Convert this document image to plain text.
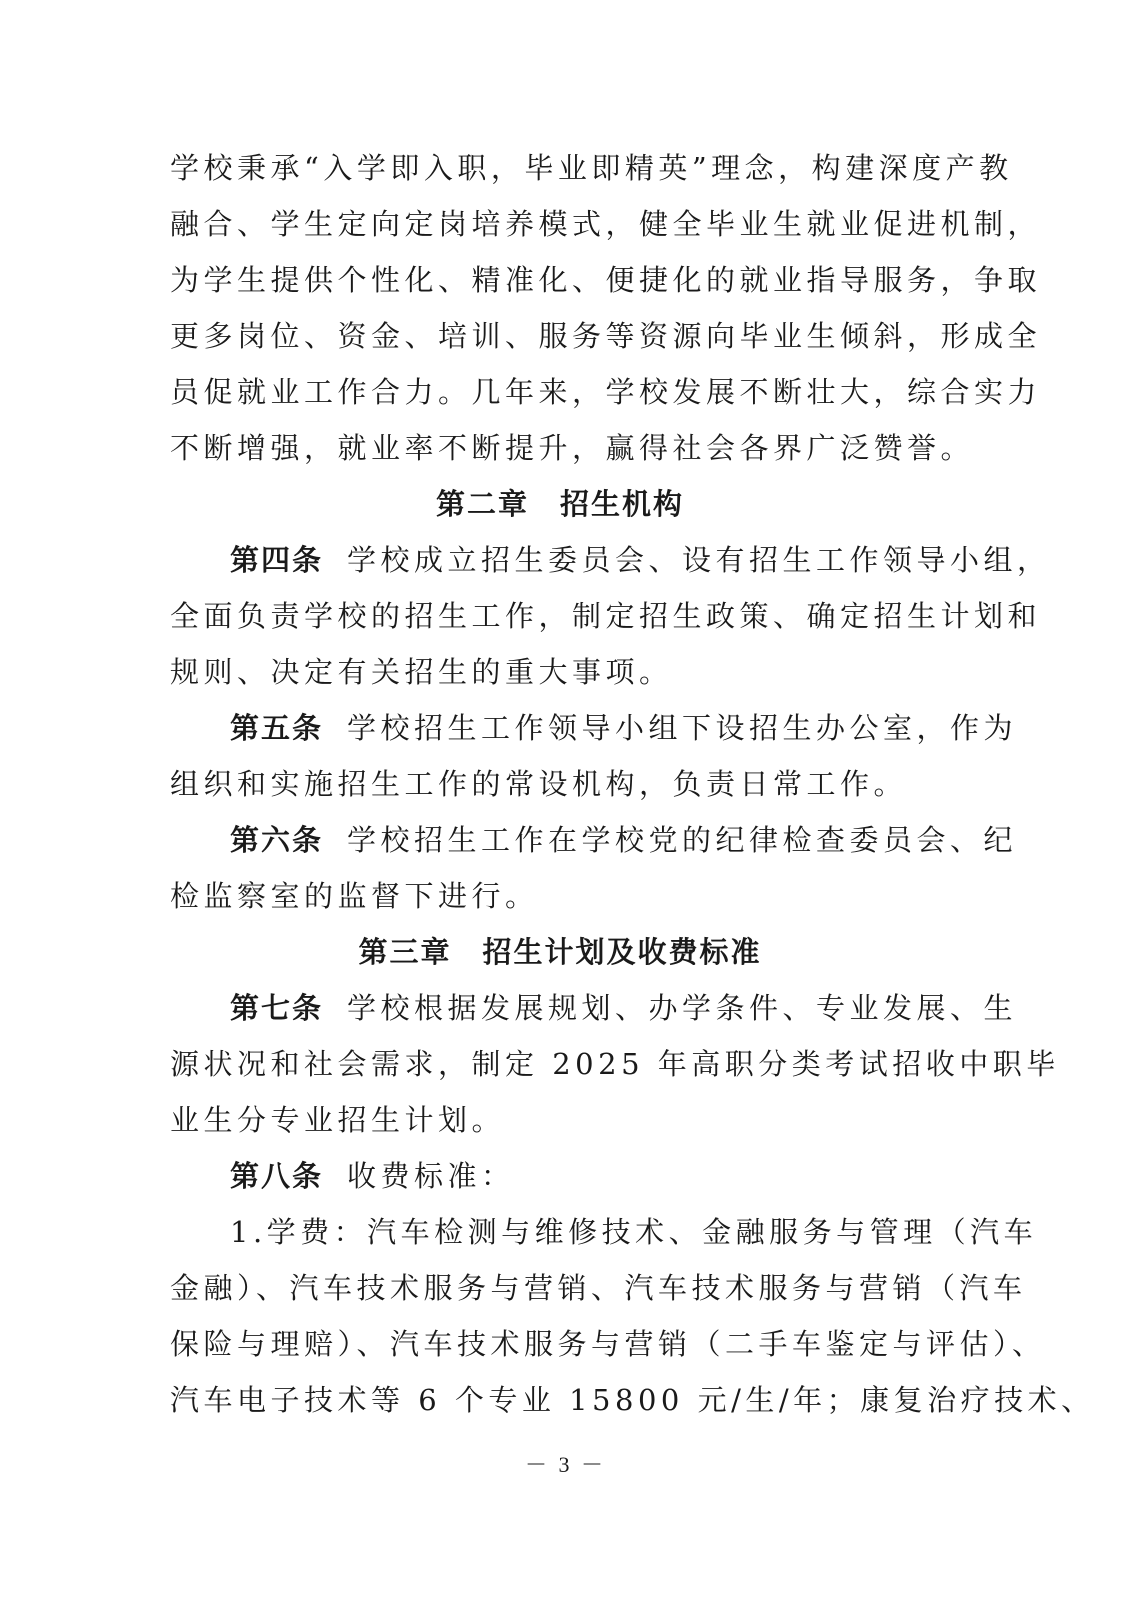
学校秉承“入学即入职，毕业即精英”理念，构建深度产教
融合、学生定向定岗培养模式，健全毕业生就业促进机制，
为学生提供个性化、精准化、便捷化的就业指导服务，争取
更多岗位、资金、培训、服务等资源向毕业生倾斜，形成全
员促就业工作合力。几年来，学校发展不断壮大，综合实力
不断增强，就业率不断提升，赢得社会各界广泛赞誉。
第二章　招生机构
第四条 学校成立招生委员会、设有招生工作领导小组，
全面负责学校的招生工作，制定招生政策、确定招生计划和
规则、决定有关招生的重大事项。
第五条 学校招生工作领导小组下设招生办公室，作为
组织和实施招生工作的常设机构，负责日常工作。
第六条 学校招生工作在学校党的纪律检查委员会、纪
检监察室的监督下进行。
第三章　招生计划及收费标准
第七条 学校根据发展规划、办学条件、专业发展、生
源状况和社会需求，制定 2025 年高职分类考试招收中职毕
业生分专业招生计划。
第八条 收费标准：
1.学费：汽车检测与维修技术、金融服务与管理（汽车
金融）、汽车技术服务与营销、汽车技术服务与营销（汽车
保险与理赔）、汽车技术服务与营销（二手车鉴定与评估）、
汽车电子技术等 6 个专业 15800 元/生/年；康复治疗技术、
－ 3 －
